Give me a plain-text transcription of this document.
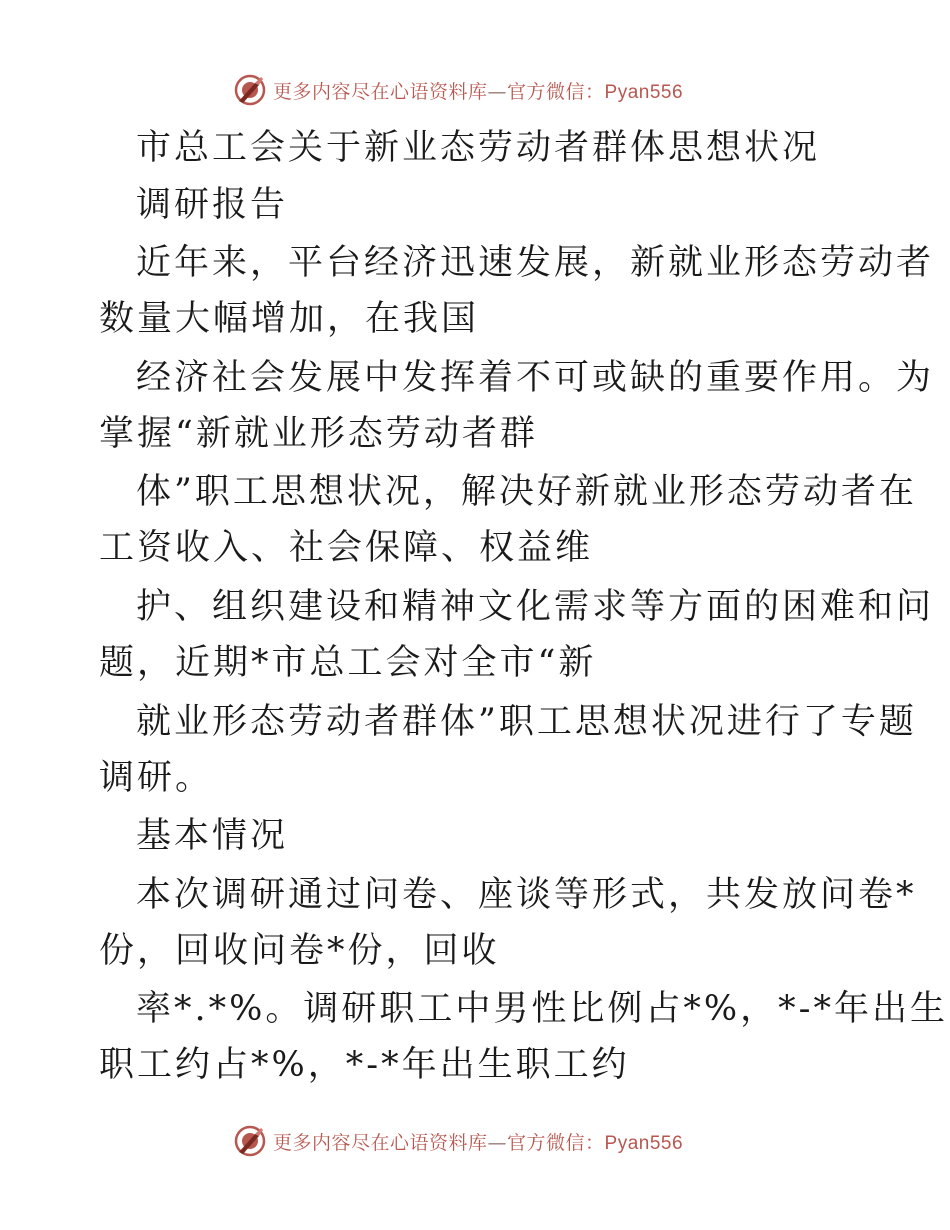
更多内容尽在心语资料库—官方微信：Pyan556
市总工会关于新业态劳动者群体思想状况
调研报告
近年来，平台经济迅速发展，新就业形态劳动者
数量大幅增加，在我国
经济社会发展中发挥着不可或缺的重要作用。为
掌握“新就业形态劳动者群
体”职工思想状况，解决好新就业形态劳动者在
工资收入、社会保障、权益维
护、组织建设和精神文化需求等方面的困难和问
题，近期*市总工会对全市“新
就业形态劳动者群体”职工思想状况进行了专题
调研。
基本情况
本次调研通过问卷、座谈等形式，共发放问卷*
份，回收问卷*份，回收
率*.*%。调研职工中男性比例占*%，*-*年出生
职工约占*%，*-*年出生职工约
更多内容尽在心语资料库—官方微信：Pyan556
